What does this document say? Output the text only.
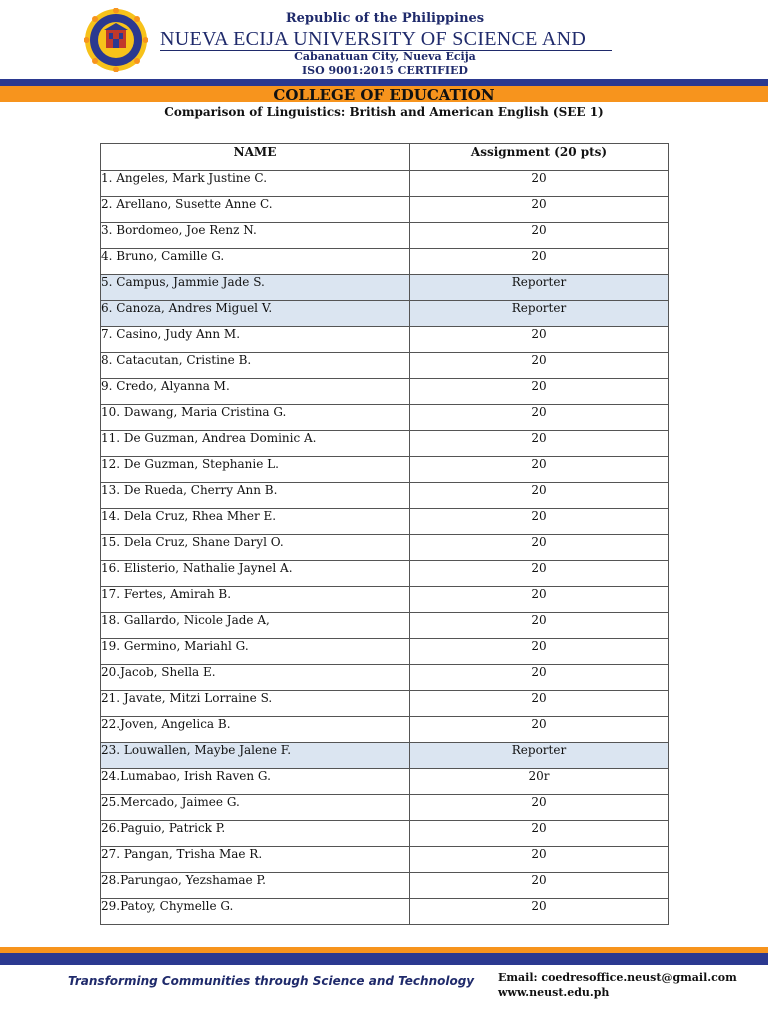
Republic of the Philippines
NUEVA ECIJA UNIVERSITY OF SCIENCE AND
Cabanatuan City, Nueva Ecija
ISO 9001:2015 CERTIFIED
COLLEGE OF EDUCATION
Comparison of Linguistics: British and American English (SEE 1)
NAME	Assignment (20 pts)
1. Angeles, Mark Justine C.	20
2. Arellano, Susette Anne C.	20
3. Bordomeo, Joe Renz N.	20
4. Bruno, Camille G.	20
5. Campus, Jammie Jade S.	Reporter
6. Canoza, Andres Miguel V.	Reporter
7. Casino, Judy Ann M.	20
8. Catacutan, Cristine B.	20
9. Credo, Alyanna M.	20
10. Dawang, Maria Cristina G.	20
11. De Guzman, Andrea Dominic A.	20
12. De Guzman, Stephanie L.	20
13. De Rueda, Cherry Ann B.	20
14. Dela Cruz, Rhea Mher E.	20
15. Dela Cruz, Shane Daryl O.	20
16. Elisterio, Nathalie Jaynel A.	20
17. Fertes, Amirah B.	20
18. Gallardo, Nicole Jade A,	20
19. Germino, Mariahl G.	20
20.Jacob, Shella E.	20
21. Javate, Mitzi Lorraine S.	20
22.Joven, Angelica B.	20
23. Louwallen, Maybe Jalene F.	Reporter
24.Lumabao, Irish Raven G.	20r
25.Mercado, Jaimee G.	20
26.Paguio, Patrick P.	20
27. Pangan, Trisha Mae R.	20
28.Parungao, Yezshamae P.	20
29.Patoy, Chymelle G.	20
Transforming Communities through Science and Technology Email: coedresoffice.neust@gmail.com
www.neust.edu.ph
